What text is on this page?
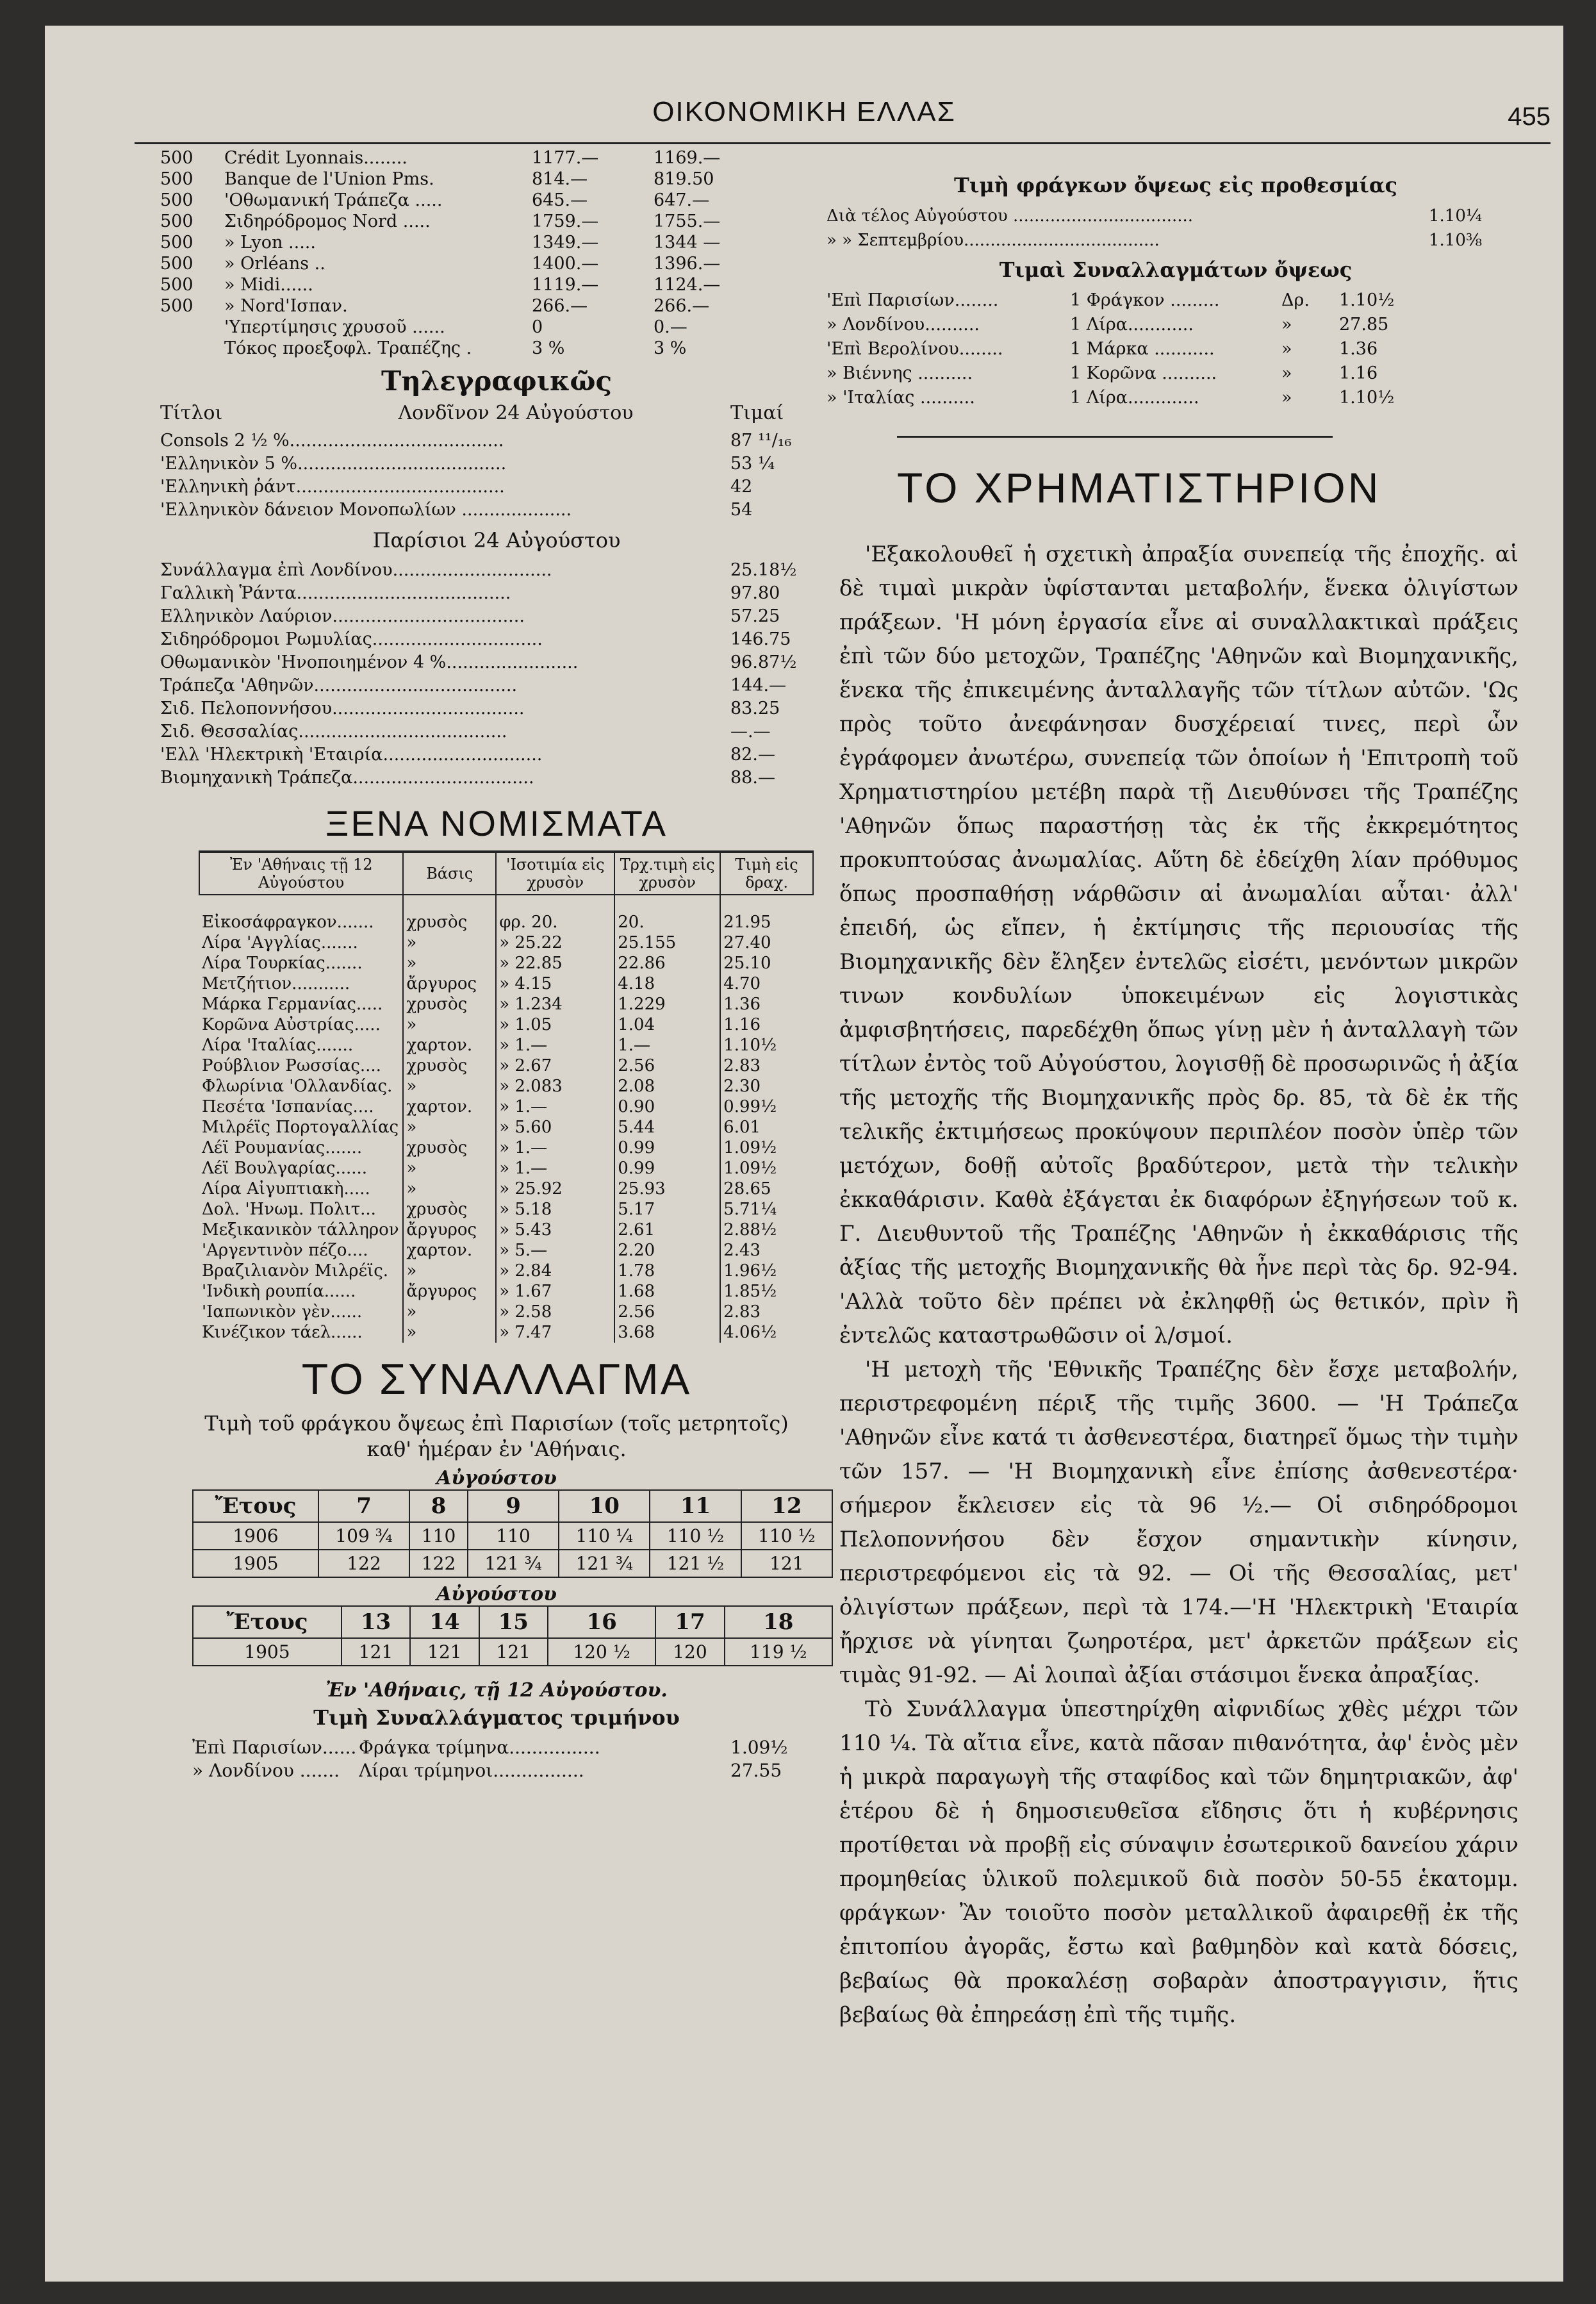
ΟΙΚΟΝΟΜΙΚΗ ΕΛΛΑΣ	455
500	Crédit Lyonnais........	1177.—	1169.—
500	Banque de l'Union Pms.	814.—	819.50
500	'Οθωμανική Τράπεζα .....	645.—	647.—
500	Σιδηρόδρομος Nord .....	1759.—	1755.—
500	» Lyon .....	1349.—	1344 —
500	» Orléans ..	1400.—	1396.—
500	» Midi......	1119.—	1124.—
500	» Nord'Ισπαν.	266.—	266.—
'Υπερτίμησις χρυσοῦ ......	0	0.—
Τόκος προεξοφλ. Τραπέζης .	3 %	3 %
Τηλεγραφικῶς
Τίτλοι	Λονδῖνον 24 Αὐγούστου	Τιμαί
Consols 2 ½ %.......................................	87 ¹¹/₁₆
'Ελληνικὸν 5 %......................................	53 ¼
'Ελληνικὴ ῥάντ......................................	42
'Ελληνικὸν δάνειον Μονοπωλίων ....................	54
Παρίσιοι 24 Αὐγούστου
Συνάλλαγμα ἐπὶ Λονδίνου.............................	25.18½
Γαλλικὴ Ῥάντα.......................................	97.80
Ελληνικὸν Λαύριον...................................	57.25
Σιδηρόδρομοι Ρωμυλίας...............................	146.75
Οθωμανικὸν 'Ηνοποιημένον 4 %........................	96.87½
Τράπεζα 'Αθηνῶν.....................................	144.—
Σιδ. Πελοποννήσου...................................	83.25
Σιδ. Θεσσαλίας......................................	—.—
'Ελλ 'Ηλεκτρικὴ 'Εταιρία.............................	82.—
Βιομηχανικὴ Τράπεζα.................................	88.—
ΞΕΝΑ ΝΟΜΙΣΜΑΤΑ
Ἐν 'Αθήναις τῇ 12 Αὐγούστου	Βάσις	'Ισοτιμία εἰς χρυσὸν	Τρχ.τιμὴ εἰς χρυσὸν	Τιμὴ εἰς δραχ.
Εἰκοσάφραγκον.......	χρυσὸς	φρ. 20.	20.	21.95
Λίρα 'Αγγλίας.......	»	» 25.22	25.155	27.40
Λίρα Τουρκίας.......	»	» 22.85	22.86	25.10
Μετζήτιον...........	ἄργυρος	» 4.15	4.18	4.70
Μάρκα Γερμανίας.....	χρυσὸς	» 1.234	1.229	1.36
Κορῶνα Αὐστρίας.....	»	» 1.05	1.04	1.16
Λίρα 'Ιταλίας.......	χαρτον.	» 1.—	1.—	1.10½
Ρούβλιον Ρωσσίας....	χρυσὸς	» 2.67	2.56	2.83
Φλωρίνια 'Ολλανδίας.	»	» 2.083	2.08	2.30
Πεσέτα 'Ισπανίας....	χαρτον.	» 1.—	0.90	0.99½
Μιλρέϊς Πορτογαλλίας	»	» 5.60	5.44	6.01
Λέϊ Ρουμανίας.......	χρυσὸς	» 1.—	0.99	1.09½
Λέϊ Βουλγαρίας......	»	» 1.—	0.99	1.09½
Λίρα Αἰγυπτιακὴ.....	»	» 25.92	25.93	28.65
Δολ. 'Ηνωμ. Πολιτ...	χρυσὸς	» 5.18	5.17	5.71¼
Μεξικανικὸν τάλληρον	ἄργυρος	» 5.43	2.61	2.88½
'Αργεντινὸν πέζο....	χαρτον.	» 5.—	2.20	2.43
Βραζιλιανὸν Μιλρέϊς.	»	» 2.84	1.78	1.96½
'Ινδικὴ ρουπία......	ἄργυρος	» 1.67	1.68	1.85½
'Ιαπωνικὸν γὲν......	»	» 2.58	2.56	2.83
Κινέζικον τάελ......	»	» 7.47	3.68	4.06½
ΤΟ ΣΥΝΑΛΛΑΓΜΑ
Τιμὴ τοῦ φράγκου ὄψεως ἐπὶ Παρισίων (τοῖς μετρητοῖς)
καθ' ἡμέραν ἐν 'Αθήναις.
Αὐγούστου
Ἔτους	7	8	9	10	11	12
1906	109 ¾	110	110	110 ¼	110 ½	110 ½
1905	122	122	121 ¾	121 ¾	121 ½	121
Αὐγούστου
Ἔτους	13	14	15	16	17	18
1905	121	121	121	120 ½	120	119 ½
Ἐν 'Αθήναις, τῇ 12 Αὐγούστου.
Τιμὴ Συναλλάγματος τριμήνου
Ἐπὶ Παρισίων...... Φράγκα τρίμηνα................	1.09½
» Λονδίνου .......	Λίραι τρίμηνοι................	27.55
Τιμὴ φράγκων ὄψεως εἰς προθεσμίας
Διὰ τέλος Αὐγούστου ..................................	1.10¼
» » Σεπτεμβρίου.....................................	1.10⅜
Τιμαὶ Συναλλαγμάτων ὄψεως
'Επὶ Παρισίων........	1 Φράγκον .........	Δρ.	1.10½
» Λονδίνου..........	1 Λίρα............	»	27.85
'Επὶ Βερολίνου........	1 Μάρκα ...........	»	1.36
» Βιέννης ..........	1 Κορῶνα ..........	»	1.16
» 'Ιταλίας ..........	1 Λίρα.............	»	1.10½
ΤΟ ΧΡΗΜΑΤΙΣΤΗΡΙΟΝ

'Εξακολουθεῖ ἡ σχετικὴ ἀπραξία συνεπείᾳ τῆς ἐποχῆς. αἱ δὲ τιμαὶ μικρὰν ὑφίστανται μεταβολήν, ἕνεκα ὀλιγίστων πράξεων. 'Η μόνη ἐργασία εἶνε αἱ συναλλακτικαὶ πράξεις ἐπὶ τῶν δύο μετοχῶν, Τραπέζης 'Αθηνῶν καὶ Βιομηχανικῆς, ἕνεκα τῆς ἐπικειμένης ἀνταλλαγῆς τῶν τίτλων αὐτῶν. 'Ως πρὸς τοῦτο ἀνεφάνησαν δυσχέρειαί τινες, περὶ ὧν ἐγράφομεν ἀνωτέρω, συνεπείᾳ τῶν ὁποίων ἡ 'Επιτροπὴ τοῦ Χρηματιστηρίου μετέβη παρὰ τῇ Διευθύνσει τῆς Τραπέζης 'Αθηνῶν ὅπως παραστήσῃ τὰς ἐκ τῆς ἐκκρεμότητος προκυπτούσας ἀνωμαλίας. Αὕτη δὲ ἐδείχθη λίαν πρόθυμος ὅπως προσπαθήσῃ νάρθῶσιν αἱ ἀνωμαλίαι αὗται· ἀλλ' ἐπειδή, ὡς εἴπεν, ἡ ἐκτίμησις τῆς περιουσίας τῆς Βιομηχανικῆς δὲν ἔληξεν ἐντελῶς εἰσέτι, μενόντων μικρῶν τινων κονδυλίων ὑποκειμένων εἰς λογιστικὰς ἀμφισβητήσεις, παρεδέχθη ὅπως γίνῃ μὲν ἡ ἀνταλλαγὴ τῶν τίτλων ἐντὸς τοῦ Αὐγούστου, λογισθῇ δὲ προσωρινῶς ἡ ἀξία τῆς μετοχῆς τῆς Βιομηχανικῆς πρὸς δρ. 85, τὰ δὲ ἐκ τῆς τελικῆς ἐκτιμήσεως προκύψουν περιπλέον ποσὸν ὑπὲρ τῶν μετόχων, δοθῇ αὐτοῖς βραδύτερον, μετὰ τὴν τελικὴν ἐκκαθάρισιν. Καθὰ ἐξάγεται ἐκ διαφόρων ἐξηγήσεων τοῦ κ. Γ. Διευθυντοῦ τῆς Τραπέζης 'Αθηνῶν ἡ ἐκκαθάρισις τῆς ἀξίας τῆς μετοχῆς Βιομηχανικῆς θὰ ἦνε περὶ τὰς δρ. 92-94. 'Αλλὰ τοῦτο δὲν πρέπει νὰ ἐκληφθῇ ὡς θετικόν, πρὶν ἢ ἐντελῶς καταστρωθῶσιν οἱ λ/σμοί.

'Η μετοχὴ τῆς 'Εθνικῆς Τραπέζης δὲν ἔσχε μεταβολήν, περιστρεφομένη πέριξ τῆς τιμῆς 3600. — 'Η Τράπεζα 'Αθηνῶν εἶνε κατά τι ἀσθενεστέρα, διατηρεῖ ὅμως τὴν τιμὴν τῶν 157. — 'Η Βιομηχανικὴ εἶνε ἐπίσης ἀσθενεστέρα· σήμερον ἔκλεισεν εἰς τὰ 96 ½.— Οἱ σιδηρόδρομοι Πελοποννήσου δὲν ἔσχον σημαντικὴν κίνησιν, περιστρεφόμενοι εἰς τὰ 92. — Οἱ τῆς Θεσσαλίας, μετ' ὀλιγίστων πράξεων, περὶ τὰ 174.—'Η 'Ηλεκτρικὴ 'Εταιρία ἤρχισε νὰ γίνηται ζωηροτέρα, μετ' ἀρκετῶν πράξεων εἰς τιμὰς 91-92. — Αἱ λοιπαὶ ἀξίαι στάσιμοι ἕνεκα ἀπραξίας.

Τὸ Συνάλλαγμα ὑπεστηρίχθη αἰφνιδίως χθὲς μέχρι τῶν 110 ¼. Τὰ αἴτια εἶνε, κατὰ πᾶσαν πιθανότητα, ἀφ' ἑνὸς μὲν ἡ μικρὰ παραγωγὴ τῆς σταφίδος καὶ τῶν δημητριακῶν, ἀφ' ἑτέρου δὲ ἡ δημοσιευθεῖσα εἴδησις ὅτι ἡ κυβέρνησις προτίθεται νὰ προβῇ εἰς σύναψιν ἐσωτερικοῦ δανείου χάριν προμηθείας ὑλικοῦ πολεμικοῦ διὰ ποσὸν 50-55 ἑκατομμ. φράγκων· Ἂν τοιοῦτο ποσὸν μεταλλικοῦ ἀφαιρεθῇ ἐκ τῆς ἐπιτοπίου ἀγορᾶς, ἔστω καὶ βαθμηδὸν καὶ κατὰ δόσεις, βεβαίως θὰ προκαλέσῃ σοβαρὰν ἀποστραγγισιν, ἥτις βεβαίως θὰ ἐπηρεάσῃ ἐπὶ τῆς τιμῆς.
